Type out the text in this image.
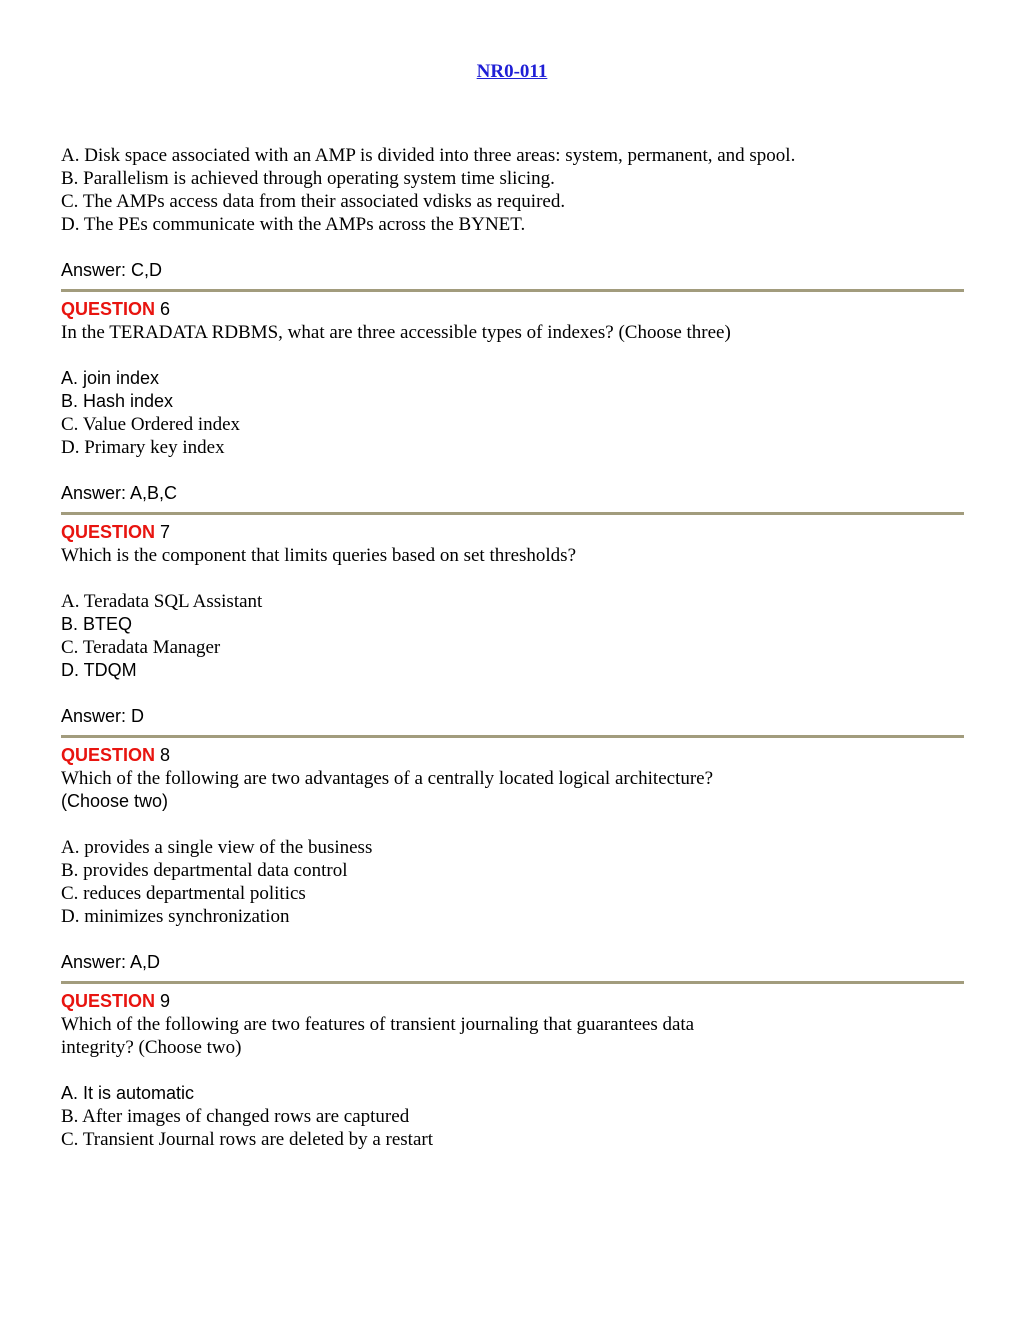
NR0-011
A. Disk space associated with an AMP is divided into three areas: system, permanent, and spool.
B. Parallelism is achieved through operating system time slicing.
C. The AMPs access data from their associated vdisks as required.
D. The PEs communicate with the AMPs across the BYNET.
Answer: C,D
QUESTION 6
In the TERADATA RDBMS, what are three accessible types of indexes? (Choose three)
A. join index
B. Hash index
C. Value Ordered index
D. Primary key index
Answer: A,B,C
QUESTION 7
Which is the component that limits queries based on set thresholds?
A. Teradata SQL Assistant
B. BTEQ
C. Teradata Manager
D. TDQM
Answer: D
QUESTION 8
Which of the following are two advantages of a centrally located logical architecture?
(Choose two)
A. provides a single view of the business
B. provides departmental data control
C. reduces departmental politics
D. minimizes synchronization
Answer: A,D
QUESTION 9
Which of the following are two features of transient journaling that guarantees data
integrity? (Choose two)
A. It is automatic
B. After images of changed rows are captured
C. Transient Journal rows are deleted by a restart
